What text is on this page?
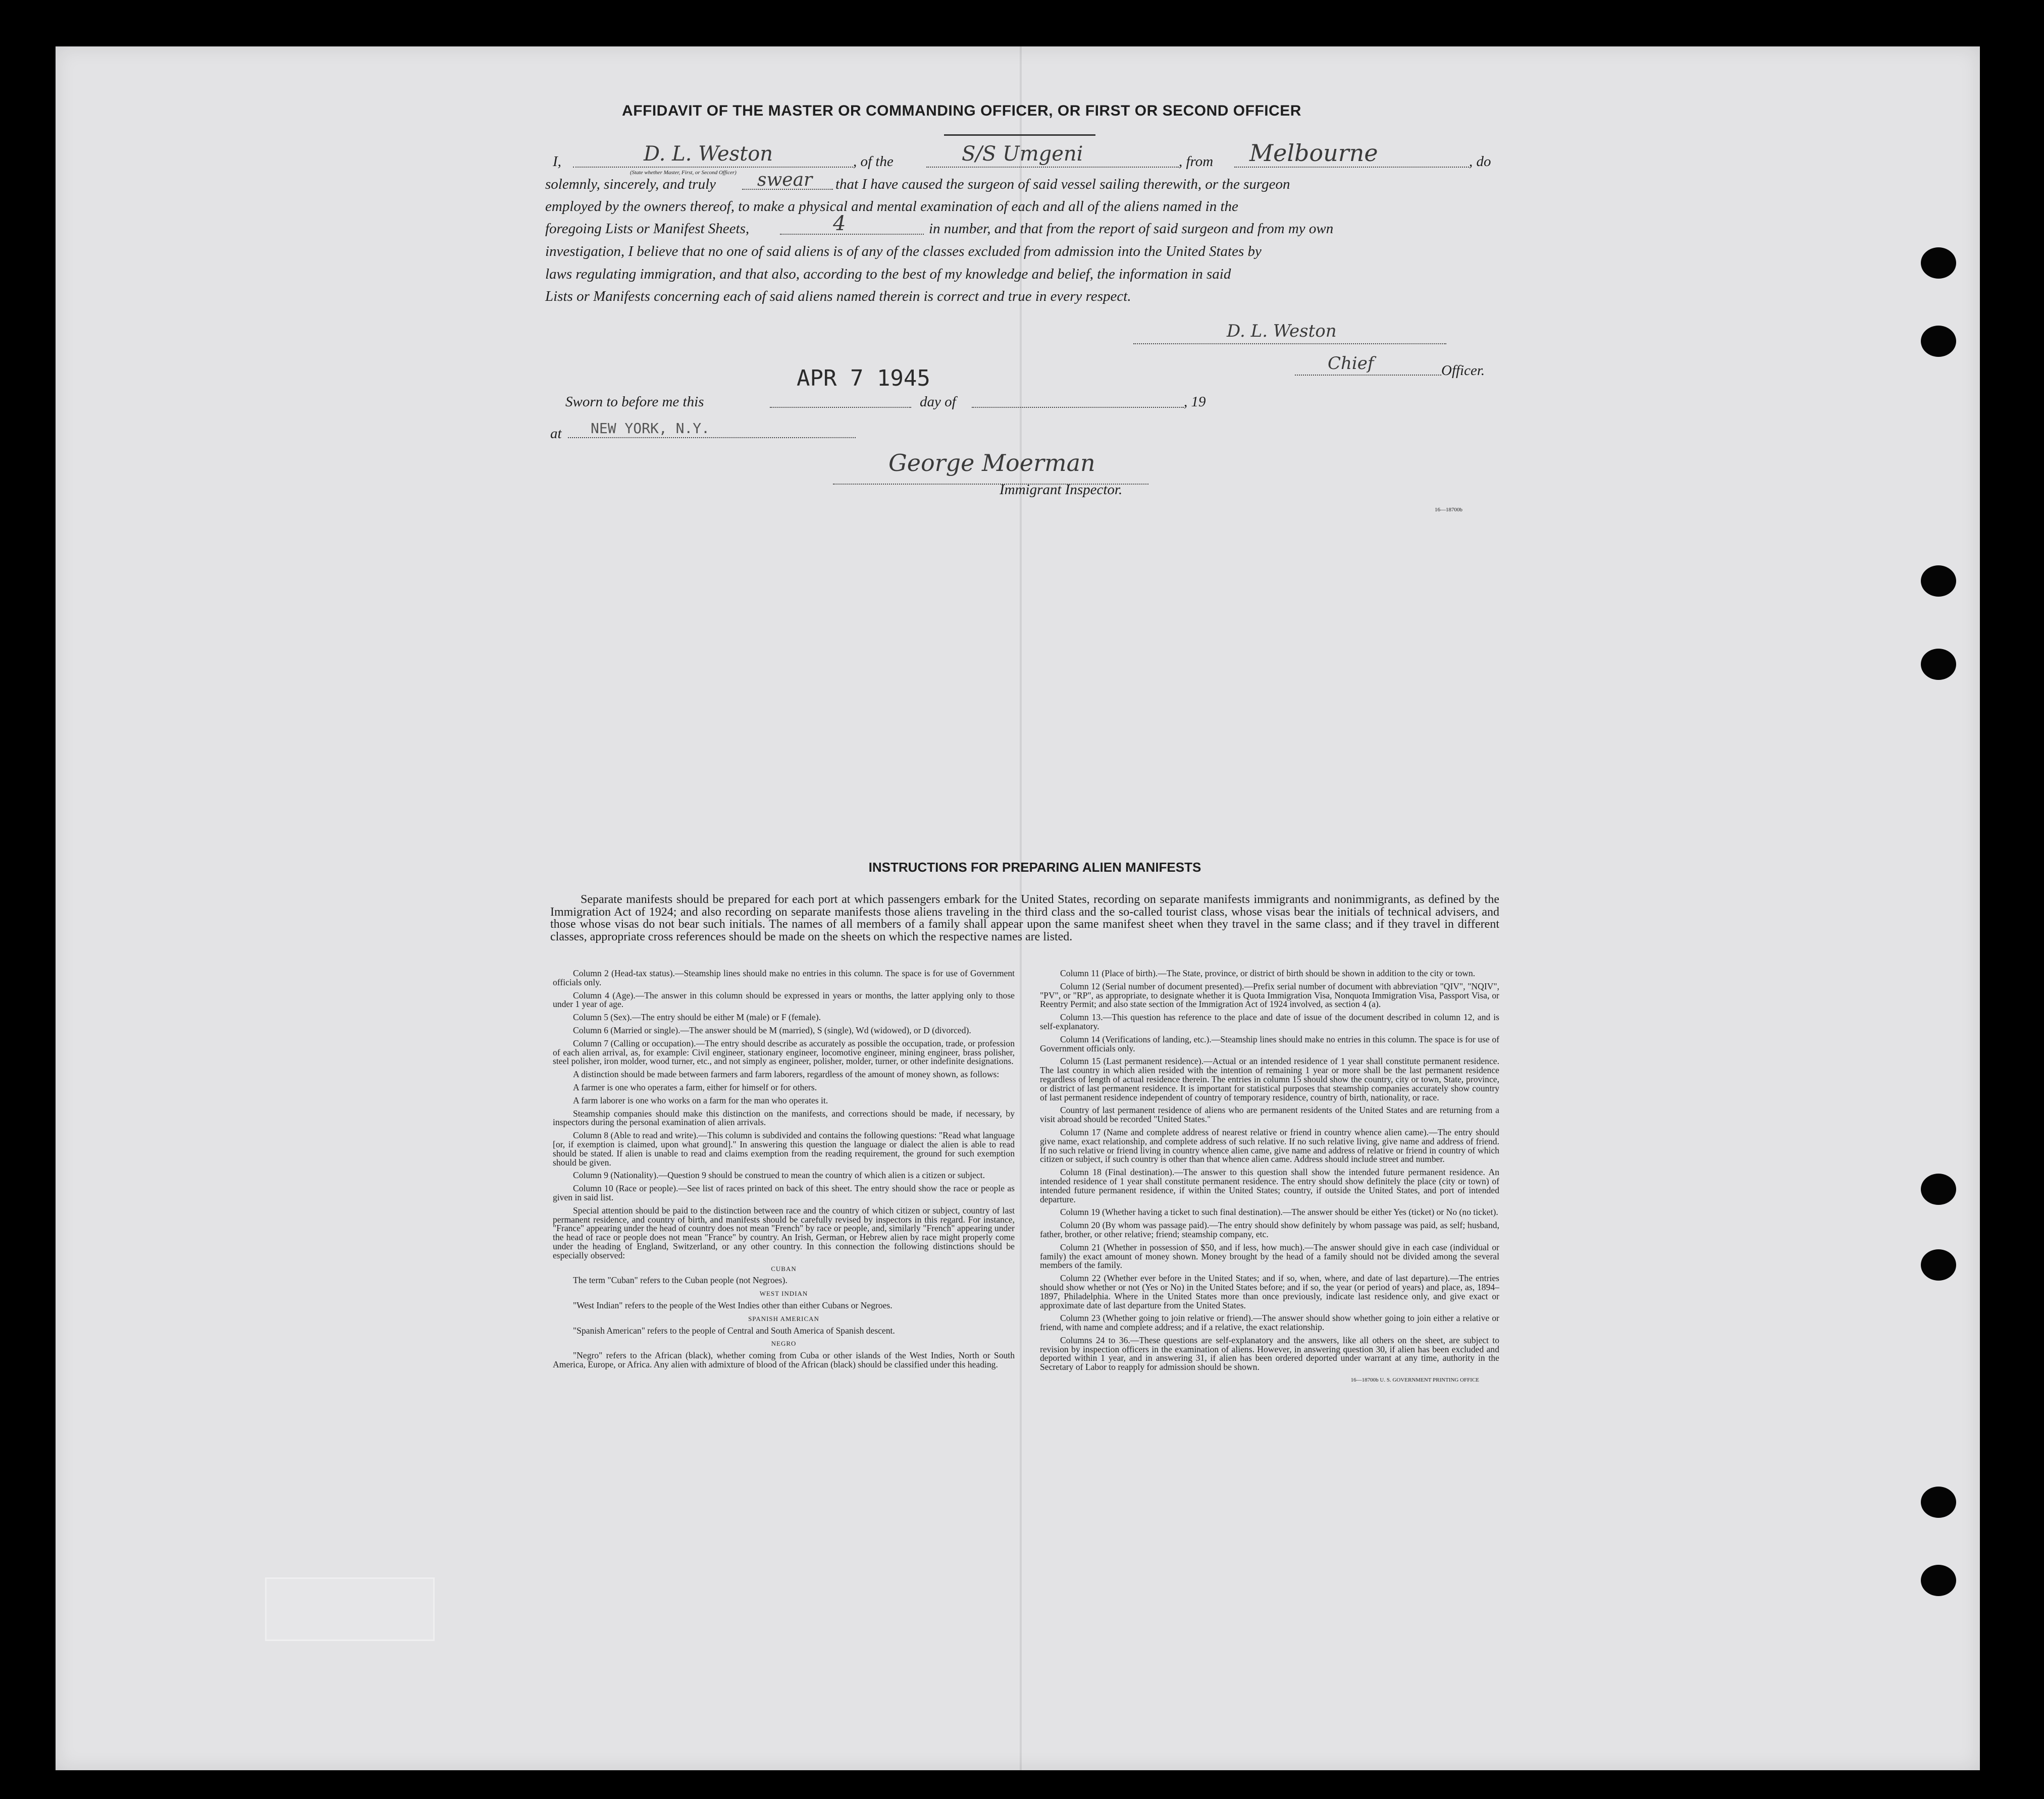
AFFIDAVIT OF THE MASTER OR COMMANDING OFFICER, OR FIRST OR SECOND OFFICER
I,	D. L. Weston
(State whether Master, First, or Second Officer)
, of the	S/S Umgeni	, from Melbourne	, do
solemnly, sincerely, and truly swear that I have caused the surgeon of said vessel sailing therewith, or the surgeon
employed by the owners thereof, to make a physical and mental examination of each and all of the aliens named in the
foregoing Lists or Manifest Sheets,	4	in number, and that from the report of said surgeon and from my own
investigation, I believe that no one of said aliens is of any of the classes excluded from admission into the United States by
laws regulating immigration, and that also, according to the best of my knowledge and belief, the information in said
Lists or Manifests concerning each of said aliens named therein is correct and true in every respect.
D. L. Weston
Chief	Officer.
Sworn to before me this
APR 7 1945
day of	, 19
at NEW YORK, N.Y.
George Moerman
Immigrant Inspector.
16—18700b
INSTRUCTIONS FOR PREPARING ALIEN MANIFESTS
Separate manifests should be prepared for each port at which passengers embark for the United States, recording on separate manifests immigrants and nonimmigrants, as defined by the Immigration Act of 1924; and also recording on separate manifests those aliens traveling in the third class and the so-called tourist class, whose visas bear the initials of technical advisers, and those whose visas do not bear such initials. The names of all members of a family shall appear upon the same manifest sheet when they travel in the same class; and if they travel in different classes, appropriate cross references should be made on the sheets on which the respective names are listed.

Column 2 (Head-tax status).—Steamship lines should make no entries in this column. The space is for use of Government officials only.

Column 4 (Age).—The answer in this column should be expressed in years or months, the latter applying only to those under 1 year of age.

Column 5 (Sex).—The entry should be either M (male) or F (female).

Column 6 (Married or single).—The answer should be M (married), S (single), Wd (widowed), or D (divorced).

Column 7 (Calling or occupation).—The entry should describe as accurately as possible the occupation, trade, or profession of each alien arrival, as, for example: Civil engineer, stationary engineer, locomotive engineer, mining engineer, brass polisher, steel polisher, iron molder, wood turner, etc., and not simply as engineer, polisher, molder, turner, or other indefinite designations.

A distinction should be made between farmers and farm laborers, regardless of the amount of money shown, as follows:

A farmer is one who operates a farm, either for himself or for others.

A farm laborer is one who works on a farm for the man who operates it.

Steamship companies should make this distinction on the manifests, and corrections should be made, if necessary, by inspectors during the personal examination of alien arrivals.

Column 8 (Able to read and write).—This column is subdivided and contains the following questions: "Read what language [or, if exemption is claimed, upon what ground]." In answering this question the language or dialect the alien is able to read should be stated. If alien is unable to read and claims exemption from the reading requirement, the ground for such exemption should be given.

Column 9 (Nationality).—Question 9 should be construed to mean the country of which alien is a citizen or subject.

Column 10 (Race or people).—See list of races printed on back of this sheet. The entry should show the race or people as given in said list.

Special attention should be paid to the distinction between race and the country of which citizen or subject, country of last permanent residence, and country of birth, and manifests should be carefully revised by inspectors in this regard. For instance, "France" appearing under the head of country does not mean "French" by race or people, and, similarly "French" appearing under the head of race or people does not mean "France" by country. An Irish, German, or Hebrew alien by race might properly come under the heading of England, Switzerland, or any other country. In this connection the following distinctions should be especially observed:

CUBAN

The term "Cuban" refers to the Cuban people (not Negroes).

WEST INDIAN

"West Indian" refers to the people of the West Indies other than either Cubans or Negroes.

SPANISH AMERICAN

"Spanish American" refers to the people of Central and South America of Spanish descent.

NEGRO

"Negro" refers to the African (black), whether coming from Cuba or other islands of the West Indies, North or South America, Europe, or Africa. Any alien with admixture of blood of the African (black) should be classified under this heading.

Column 11 (Place of birth).—The State, province, or district of birth should be shown in addition to the city or town.

Column 12 (Serial number of document presented).—Prefix serial number of document with abbreviation "QIV", "NQIV", "PV", or "RP", as appropriate, to designate whether it is Quota Immigration Visa, Nonquota Immigration Visa, Passport Visa, or Reentry Permit; and also state section of the Immigration Act of 1924 involved, as section 4 (a).

Column 13.—This question has reference to the place and date of issue of the document described in column 12, and is self-explanatory.

Column 14 (Verifications of landing, etc.).—Steamship lines should make no entries in this column. The space is for use of Government officials only.

Column 15 (Last permanent residence).—Actual or an intended residence of 1 year shall constitute permanent residence. The last country in which alien resided with the intention of remaining 1 year or more shall be the last permanent residence regardless of length of actual residence therein. The entries in column 15 should show the country, city or town, State, province, or district of last permanent residence. It is important for statistical purposes that steamship companies accurately show country of last permanent residence independent of country of temporary residence, country of birth, nationality, or race.

Country of last permanent residence of aliens who are permanent residents of the United States and are returning from a visit abroad should be recorded "United States."

Column 17 (Name and complete address of nearest relative or friend in country whence alien came).—The entry should give name, exact relationship, and complete address of such relative. If no such relative living, give name and address of friend. If no such relative or friend living in country whence alien came, give name and address of relative or friend in country of which citizen or subject, if such country is other than that whence alien came. Address should include street and number.

Column 18 (Final destination).—The answer to this question shall show the intended future permanent residence. An intended residence of 1 year shall constitute permanent residence. The entry should show definitely the place (city or town) of intended future permanent residence, if within the United States; country, if outside the United States, and port of intended departure.

Column 19 (Whether having a ticket to such final destination).—The answer should be either Yes (ticket) or No (no ticket).

Column 20 (By whom was passage paid).—The entry should show definitely by whom passage was paid, as self; husband, father, brother, or other relative; friend; steamship company, etc.

Column 21 (Whether in possession of $50, and if less, how much).—The answer should give in each case (individual or family) the exact amount of money shown. Money brought by the head of a family should not be divided among the several members of the family.

Column 22 (Whether ever before in the United States; and if so, when, where, and date of last departure).—The entries should show whether or not (Yes or No) in the United States before; and if so, the year (or period of years) and place, as, 1894–1897, Philadelphia. Where in the United States more than once previously, indicate last residence only, and give exact or approximate date of last departure from the United States.

Column 23 (Whether going to join relative or friend).—The answer should show whether going to join either a relative or friend, with name and complete address; and if a relative, the exact relationship.

Columns 24 to 36.—These questions are self-explanatory and the answers, like all others on the sheet, are subject to revision by inspection officers in the examination of aliens. However, in answering question 30, if alien has been excluded and deported within 1 year, and in answering 31, if alien has been ordered deported under warrant at any time, authority in the Secretary of Labor to reapply for admission should be shown.

16—18700b U. S. GOVERNMENT PRINTING OFFICE
